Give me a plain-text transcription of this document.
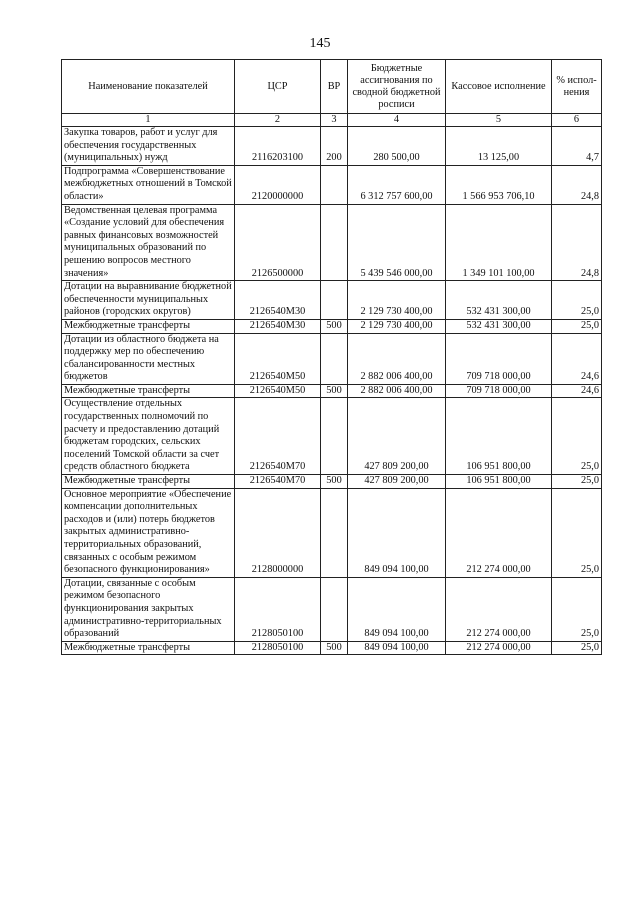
145
Наименование показателей	ЦСР	ВР	Бюджетные ассигнования по сводной бюджетной росписи	Кассовое исполнение	% испол-нения
1	2	3	4	5	6
Закупка товаров, работ и услуг для обеспечения государственных (муниципальных) нужд	2116203100	200	280 500,00	13 125,00	4,7
Подпрограмма «Совершенствование межбюджетных отношений в Томской области»	2120000000		6 312 757 600,00	1 566 953 706,10	24,8
Ведомственная целевая программа «Создание условий для обеспечения равных финансовых возможностей муниципальных образований по решению вопросов местного значения»	2126500000		5 439 546 000,00	1 349 101 100,00	24,8
Дотации на выравнивание бюджетной обеспеченности муниципальных районов (городских округов)	2126540М30		2 129 730 400,00	532 431 300,00	25,0
Межбюджетные трансферты	2126540М30	500	2 129 730 400,00	532 431 300,00	25,0
Дотации из областного бюджета на поддержку мер по обеспечению сбалансированности местных бюджетов	2126540М50		2 882 006 400,00	709 718 000,00	24,6
Межбюджетные трансферты	2126540М50	500	2 882 006 400,00	709 718 000,00	24,6
Осуществление отдельных государственных полномочий по расчету и предоставлению дотаций бюджетам городских, сельских поселений Томской области за счет средств областного бюджета	2126540М70		427 809 200,00	106 951 800,00	25,0
Межбюджетные трансферты	2126540М70	500	427 809 200,00	106 951 800,00	25,0
Основное мероприятие «Обеспечение компенсации дополнительных расходов и (или) потерь бюджетов закрытых административно-территориальных образований, связанных с особым режимом безопасного функционирования»	2128000000		849 094 100,00	212 274 000,00	25,0
Дотации, связанные с особым режимом безопасного функционирования закрытых административно-территориальных образований	2128050100		849 094 100,00	212 274 000,00	25,0
Межбюджетные трансферты	2128050100	500	849 094 100,00	212 274 000,00	25,0
